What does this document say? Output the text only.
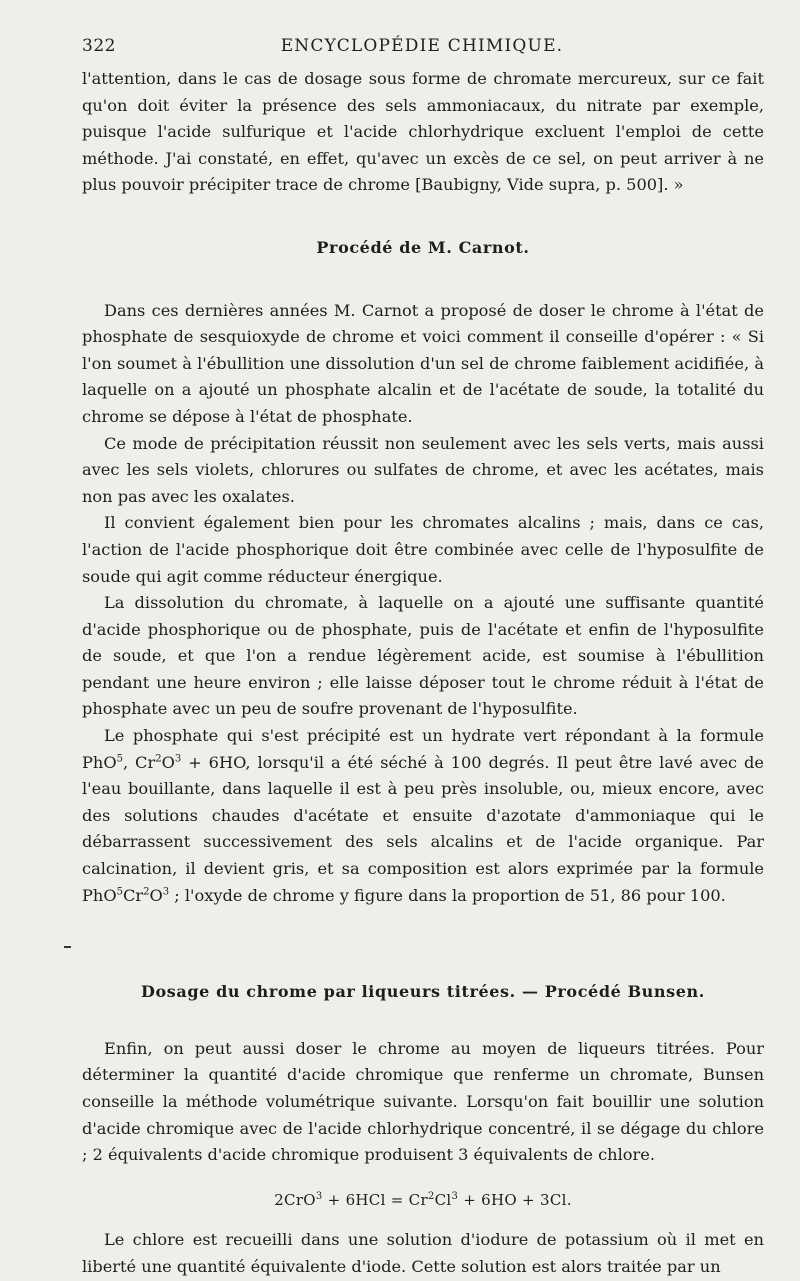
322	ENCYCLOPÉDIE CHIMIQUE.

l'attention, dans le cas de dosage sous forme de chromate mercureux, sur ce fait qu'on doit éviter la présence des sels ammoniacaux, du nitrate par exemple, puisque l'acide sulfurique et l'acide chlorhydrique excluent l'emploi de cette méthode. J'ai constaté, en effet, qu'avec un excès de ce sel, on peut arriver à ne plus pouvoir précipiter trace de chrome [Baubigny, Vide supra, p. 500]. »

Procédé de M. Carnot.

Dans ces dernières années M. Carnot a proposé de doser le chrome à l'état de phosphate de sesquioxyde de chrome et voici comment il conseille d'opérer : « Si l'on soumet à l'ébullition une dissolution d'un sel de chrome faiblement acidifiée, à laquelle on a ajouté un phosphate alcalin et de l'acétate de soude, la totalité du chrome se dépose à l'état de phosphate.

Ce mode de précipitation réussit non seulement avec les sels verts, mais aussi avec les sels violets, chlorures ou sulfates de chrome, et avec les acétates, mais non pas avec les oxalates.

Il convient également bien pour les chromates alcalins ; mais, dans ce cas, l'action de l'acide phosphorique doit être combinée avec celle de l'hyposulfite de soude qui agit comme réducteur énergique.

La dissolution du chromate, à laquelle on a ajouté une suffisante quantité d'acide phosphorique ou de phosphate, puis de l'acétate et enfin de l'hyposulfite de soude, et que l'on a rendue légèrement acide, est soumise à l'ébullition pendant une heure environ ; elle laisse déposer tout le chrome réduit à l'état de phosphate avec un peu de soufre provenant de l'hyposulfite.

Le phosphate qui s'est précipité est un hydrate vert répondant à la formule PhO$^5$, $Cr^2O^3 + 6HO$, lorsqu'il a été séché à 100 degrés. Il peut être lavé avec de l'eau bouillante, dans laquelle il est à peu près insoluble, ou, mieux encore, avec des solutions chaudes d'acétate et ensuite d'azotate d'ammoniaque qui le débarrassent successivement des sels alcalins et de l'acide organique. Par calcination, il devient gris, et sa composition est alors exprimée par la formule $PhO^5Cr^2O^3$ ; l'oxyde de chrome y figure dans la proportion de 51, 86 pour 100.

Dosage du chrome par liqueurs titrées. — Procédé Bunsen.

Enfin, on peut aussi doser le chrome au moyen de liqueurs titrées. Pour déterminer la quantité d'acide chromique que renferme un chromate, Bunsen conseille la méthode volumétrique suivante. Lorsqu'on fait bouillir une solution d'acide chromique avec de l'acide chlorhydrique concentré, il se dégage du chlore ; 2 équivalents d'acide chromique produisent 3 équivalents de chlore.

$2CrO^3 + 6HCl = Cr^2Cl^3 + 6HO + 3Cl$.

Le chlore est recueilli dans une solution d'iodure de potassium où il met en liberté une quantité équivalente d'iode. Cette solution est alors traitée par un
